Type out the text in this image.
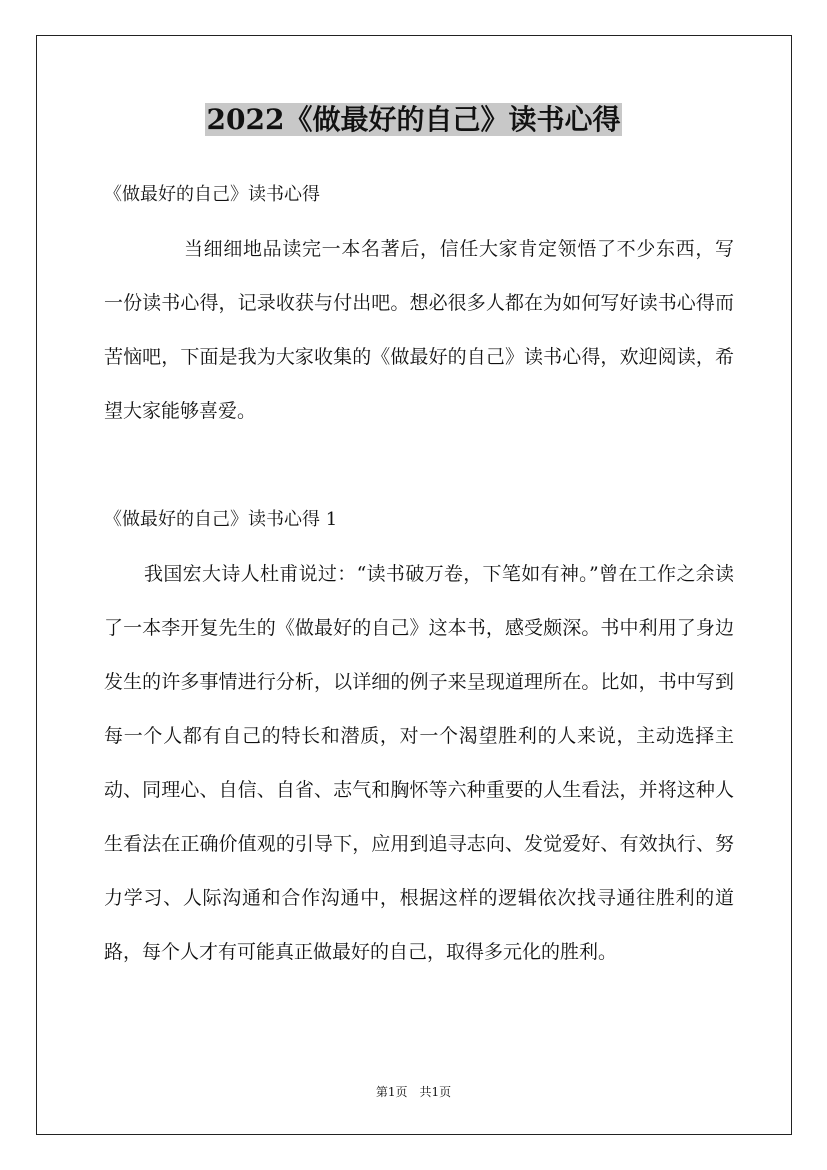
2022《做最好的自己》读书心得
《做最好的自己》读书心得

当细细地品读完一本名著后，信任大家肯定领悟了不少东西，写一份读书心得，记录收获与付出吧。想必很多人都在为如何写好读书心得而苦恼吧，下面是我为大家收集的《做最好的自己》读书心得，欢迎阅读，希望大家能够喜爱。

《做最好的自己》读书心得 1

我国宏大诗人杜甫说过：“读书破万卷，下笔如有神。”曾在工作之余读了一本李开复先生的《做最好的自己》这本书，感受颇深。书中利用了身边发生的许多事情进行分析，以详细的例子来呈现道理所在。比如，书中写到每一个人都有自己的特长和潜质，对一个渴望胜利的人来说，主动选择主动、同理心、自信、自省、志气和胸怀等六种重要的人生看法，并将这种人生看法在正确价值观的引导下，应用到追寻志向、发觉爱好、有效执行、努力学习、人际沟通和合作沟通中，根据这样的逻辑依次找寻通往胜利的道路，每个人才有可能真正做最好的自己，取得多元化的胜利。

第1页　共1页
